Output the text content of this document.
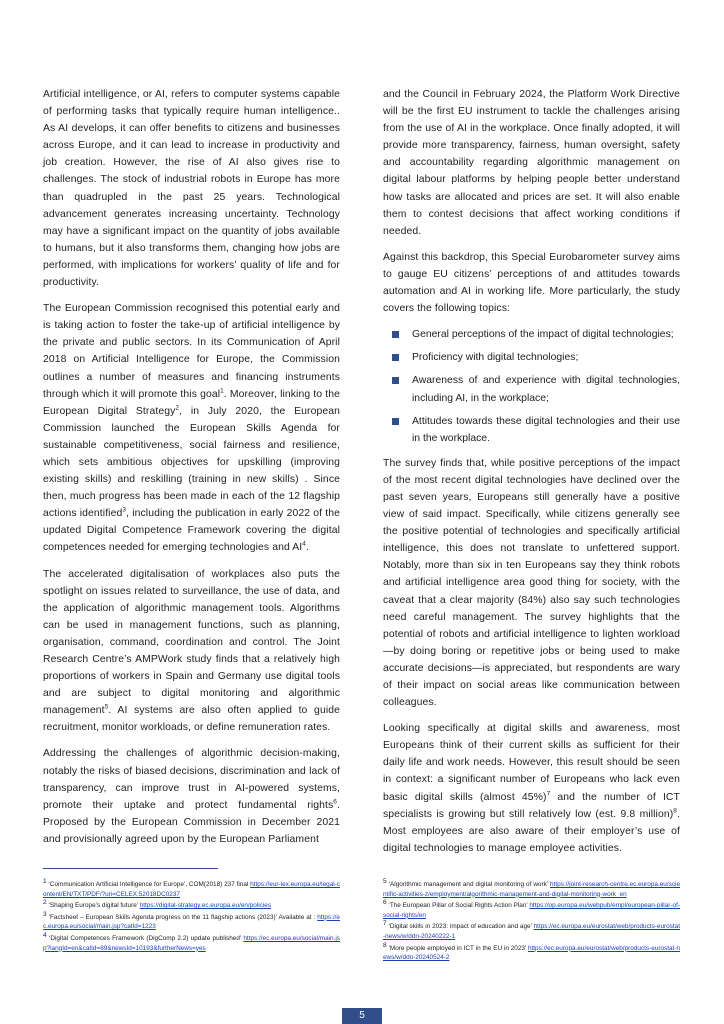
Artificial intelligence, or AI, refers to computer systems capable of performing tasks that typically require human intelligence.. As AI develops, it can offer benefits to citizens and businesses across Europe, and it can lead to increase in productivity and job creation. However, the rise of AI also gives rise to challenges. The stock of industrial robots in Europe has more than quadrupled in the past 25 years. Technological advancement generates increasing uncertainty. Technology may have a significant impact on the quantity of jobs available to humans, but it also transforms them, changing how jobs are performed, with implications for workers’ quality of life and for productivity.

The European Commission recognised this potential early and is taking action to foster the take-up of artificial intelligence by the private and public sectors. In its Communication of April 2018 on Artificial Intelligence for Europe, the Commission outlines a number of measures and financing instruments through which it will promote this goal$^1$. Moreover, linking to the European Digital Strategy$^2$, in July 2020, the European Commission launched the European Skills Agenda for sustainable competitiveness, social fairness and resilience, which sets ambitious objectives for upskilling (improving existing skills) and reskilling (training in new skills) . Since then, much progress has been made in each of the 12 flagship actions identified$^3$, including the publication in early 2022 of the updated Digital Competence Framework covering the digital competences needed for emerging technologies and $AI^4$.

The accelerated digitalisation of workplaces also puts the spotlight on issues related to surveillance, the use of data, and the application of algorithmic management tools. Algorithms can be used in management functions, such as planning, organisation, command, coordination and control. The Joint Research Centre’s AMPWork study finds that a relatively high proportions of workers in Spain and Germany use digital tools and are subject to digital monitoring and algorithmic management$^5$. AI systems are also often applied to guide recruitment, monitor workloads, or define remuneration rates.

Addressing the challenges of algorithmic decision-making, notably the risks of biased decisions, discrimination and lack of transparency, can improve trust in AI-powered systems, promote their uptake and protect fundamental rights$^6$. Proposed by the European Commission in December 2021 and provisionally agreed upon by the European Parliament

and the Council in February 2024, the Platform Work Directive will be the first EU instrument to tackle the challenges arising from the use of AI in the workplace. Once finally adopted, it will provide more transparency, fairness, human oversight, safety and accountability regarding algorithmic management on digital labour platforms by helping people better understand how tasks are allocated and prices are set. It will also enable them to contest decisions that affect working conditions if needed.

Against this backdrop, this Special Eurobarometer survey aims to gauge EU citizens’ perceptions of and attitudes towards automation and AI in working life. More particularly, the study covers the following topics:

General perceptions of the impact of digital technologies;
Proficiency with digital technologies;
Awareness of and experience with digital technologies, including AI, in the workplace;
Attitudes towards these digital technologies and their use in the workplace.

The survey finds that, while positive perceptions of the impact of the most recent digital technologies have declined over the past seven years, Europeans still generally have a positive view of said impact. Specifically, while citizens generally see the positive potential of technologies and specifically artificial intelligence, this does not translate to unfettered support. Notably, more than six in ten Europeans say they think robots and artificial intelligence area good thing for society, with the caveat that a clear majority (84%) also say such technologies need careful management. The survey highlights that the potential of robots and artificial intelligence to lighten workload—by doing boring or repetitive jobs or being used to make accurate decisions—is appreciated, but respondents are wary of their impact on social areas like communication between colleagues.

Looking specifically at digital skills and awareness, most Europeans think of their current skills as sufficient for their daily life and work needs. However, this result should be seen in context: a significant number of Europeans who lack even basic digital skills (almost 45%)$^7$ and the number of ICT specialists is growing but still relatively low (est. 9.8 million)$^8$. Most employees are also aware of their employer’s use of digital technologies to manage employee activities.

$^1$ ‘Communication Artificial Intelligence for Europe’, COM(2018) 237 final https://eur-lex.europa.eu/legal-content/EN/TXT/PDF/?uri=CELEX:52018DC0237

$^2$ ‘Shaping Europe’s digital future’ https://digital-strategy.ec.europa.eu/en/policies

$^3$ ‘Factsheet – European Skills Agenda progress on the 11 flagship actions (2023)’ Available at : https://ec.europa.eu/social/main.jsp?catId=1223

$^4$ ‘Digital Competences Framework (DigComp 2.2) update published’ https://ec.europa.eu/social/main.jsp?langId=en&catId=89&newsId=10193&furtherNews=yes

$^5$ ‘Algorithmic management and digital monitoring of work’ https://joint-research-centre.ec.europa.eu/scientific-activities-z/employment/algorithmic-management-and-digital-monitoring-work_en

$^6$ ‘The European Pillar of Social Rights Action Plan’ https://op.europa.eu/webpub/empl/european-pillar-of-social-rights/en

$^7$ ‘Digital skills in 2023: impact of education and age’ https://ec.europa.eu/eurostat/web/products-eurostat-news/w/ddn-20240222-1

$^8$ ‘More people employed in ICT in the EU in 2023’ https://ec.europa.eu/eurostat/web/products-eurostat-news/w/ddn-20240524-2

5
